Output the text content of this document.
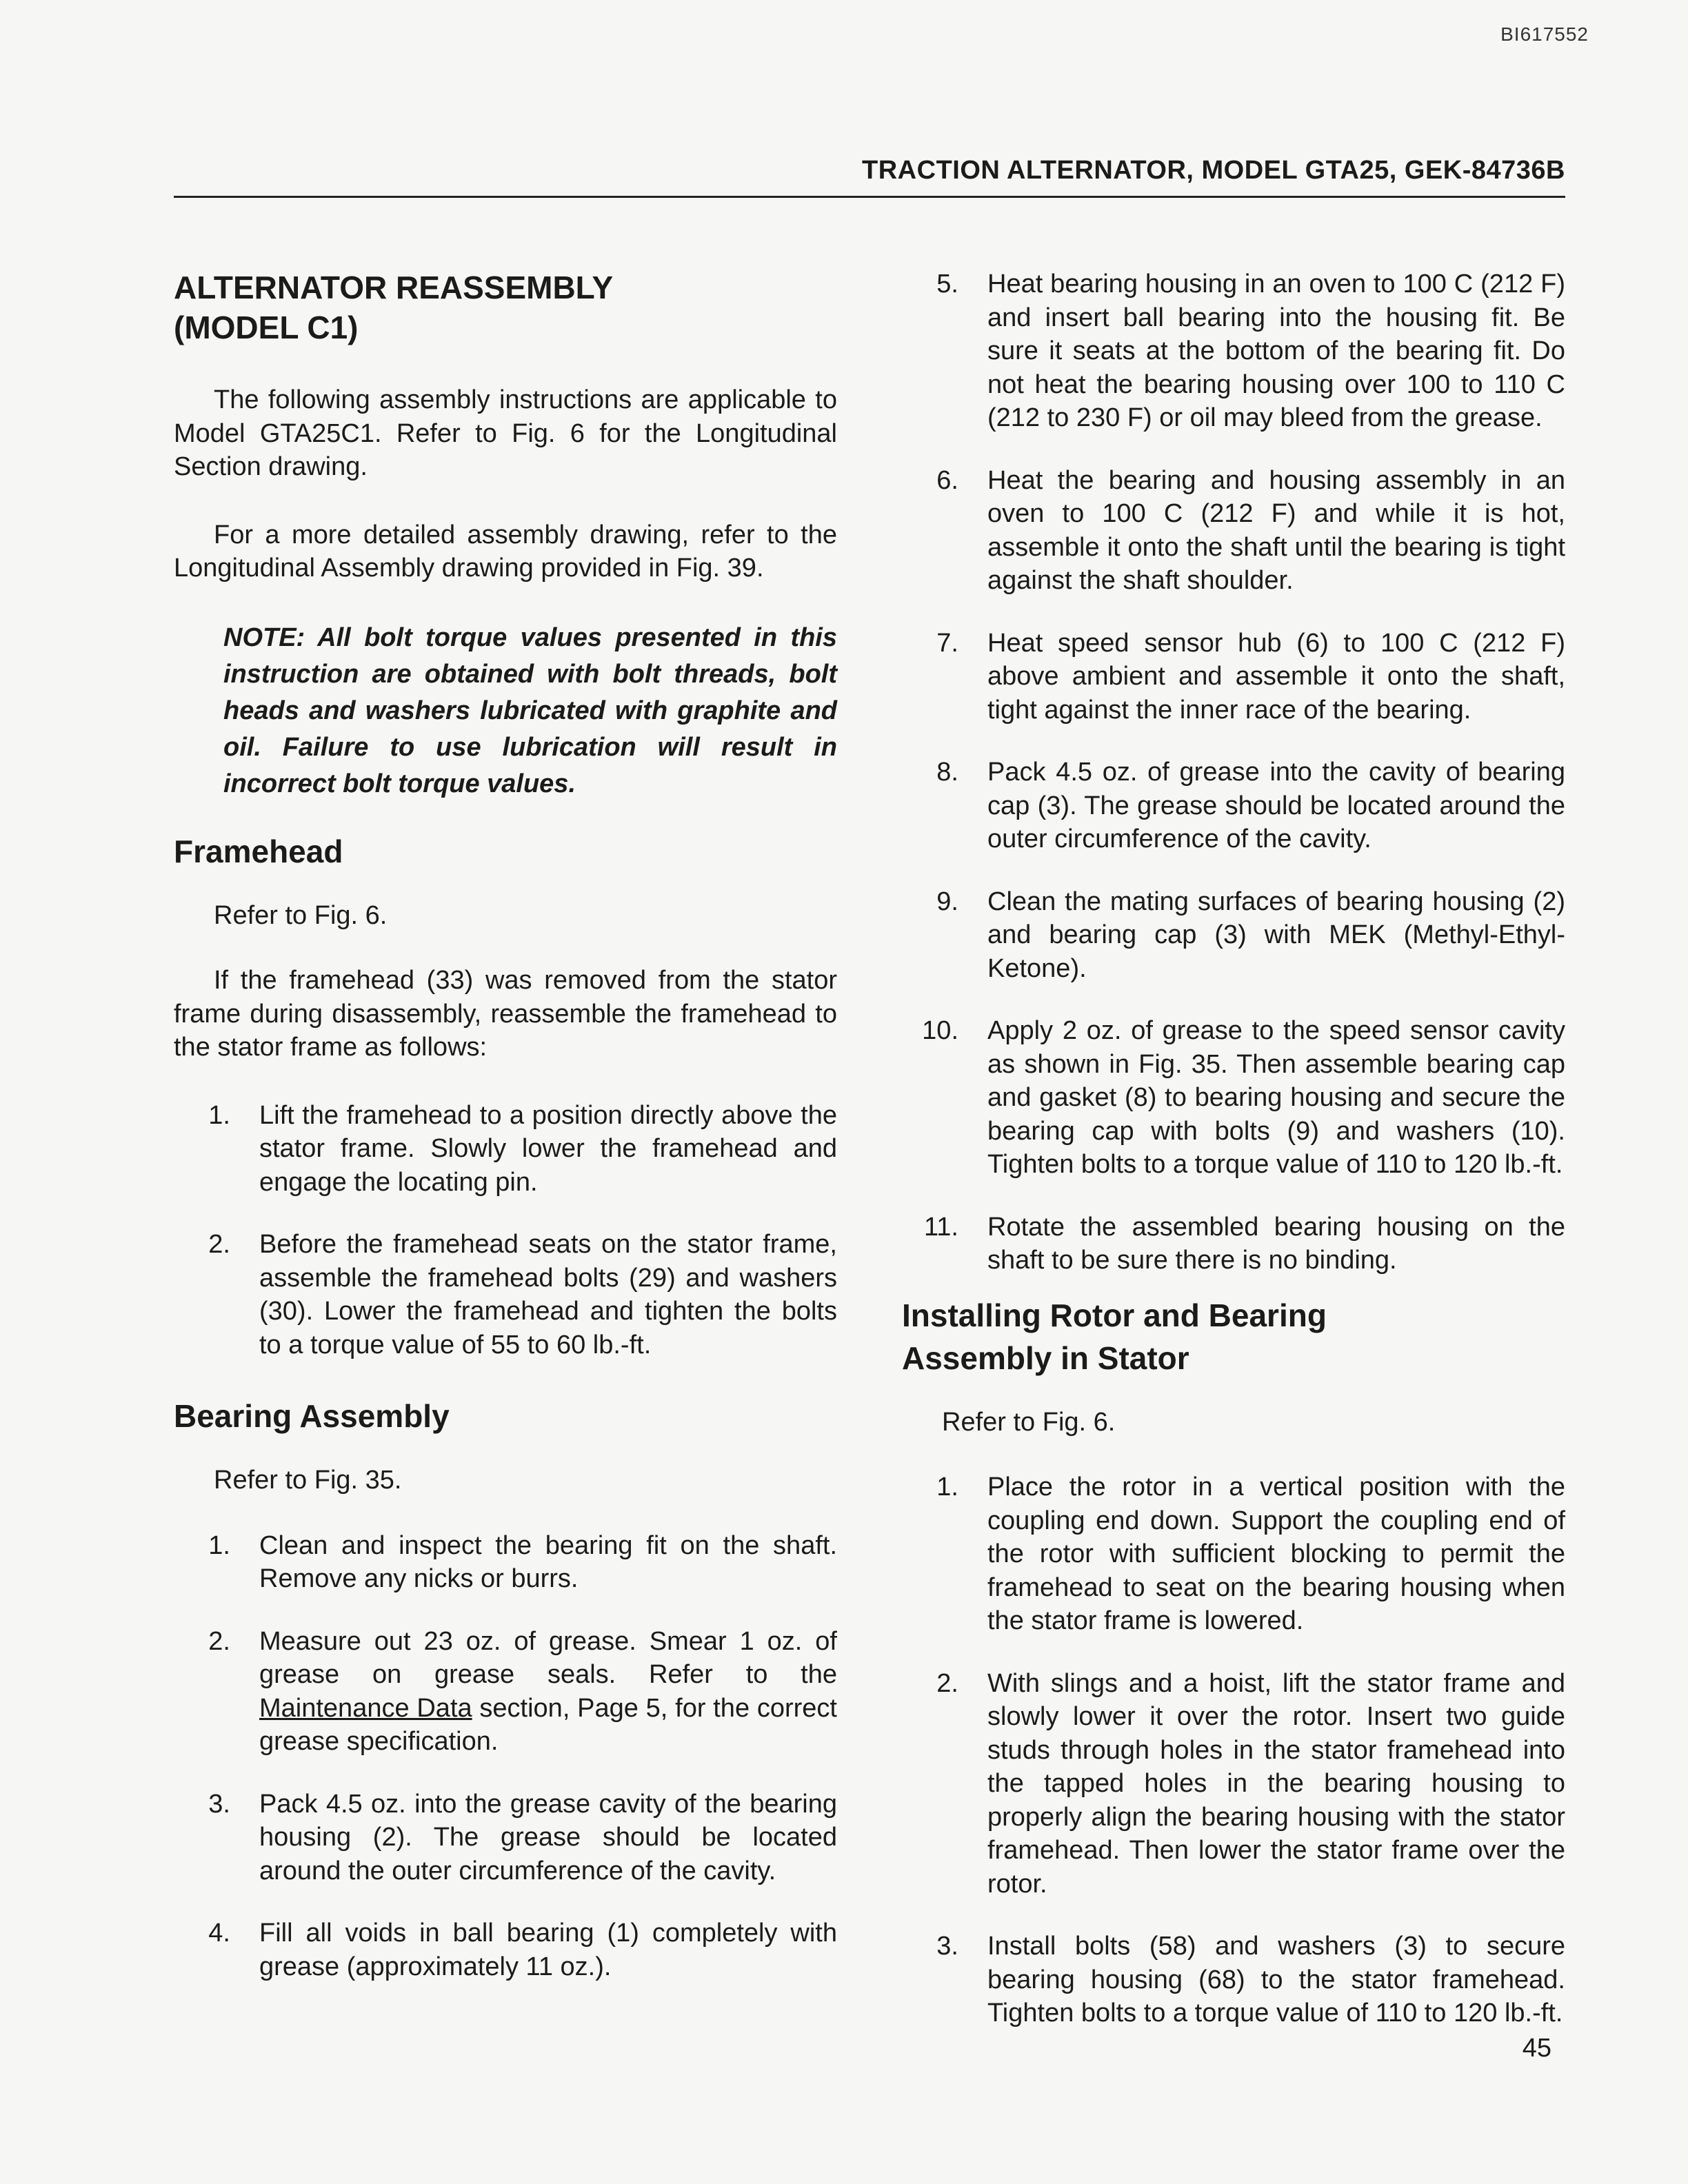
BI617552
TRACTION ALTERNATOR, MODEL GTA25, GEK-84736B
ALTERNATOR REASSEMBLY
(MODEL C1)

The following assembly instructions are applicable to Model GTA25C1. Refer to Fig. 6 for the Longitudinal Section drawing.

For a more detailed assembly drawing, refer to the Longitudinal Assembly drawing provided in Fig. 39.

NOTE: All bolt torque values presented in this instruction are obtained with bolt threads, bolt heads and washers lubricated with graphite and oil. Failure to use lubrication will result in incorrect bolt torque values.
Framehead

Refer to Fig. 6.

If the framehead (33) was removed from the stator frame during disassembly, reassemble the framehead to the stator frame as follows:

1. Lift the framehead to a position directly above the stator frame. Slowly lower the framehead and engage the locating pin.
2. Before the framehead seats on the stator frame, assemble the framehead bolts (29) and washers (30). Lower the framehead and tighten the bolts to a torque value of 55 to 60 lb.-ft.
Bearing Assembly

Refer to Fig. 35.

1. Clean and inspect the bearing fit on the shaft. Remove any nicks or burrs.
2. Measure out 23 oz. of grease. Smear 1 oz. of grease on grease seals. Refer to the Maintenance Data section, Page 5, for the correct grease specification.
3. Pack 4.5 oz. into the grease cavity of the bearing housing (2). The grease should be located around the outer circumference of the cavity.
4. Fill all voids in ball bearing (1) completely with grease (approximately 11 oz.).
5. Heat bearing housing in an oven to 100 C (212 F) and insert ball bearing into the housing fit. Be sure it seats at the bottom of the bearing fit. Do not heat the bearing housing over 100 to 110 C (212 to 230 F) or oil may bleed from the grease.
6. Heat the bearing and housing assembly in an oven to 100 C (212 F) and while it is hot, assemble it onto the shaft until the bearing is tight against the shaft shoulder.
7. Heat speed sensor hub (6) to 100 C (212 F) above ambient and assemble it onto the shaft, tight against the inner race of the bearing.
8. Pack 4.5 oz. of grease into the cavity of bearing cap (3). The grease should be located around the outer circumference of the cavity.
9. Clean the mating surfaces of bearing housing (2) and bearing cap (3) with MEK (Methyl-Ethyl-Ketone).
10. Apply 2 oz. of grease to the speed sensor cavity as shown in Fig. 35. Then assemble bearing cap and gasket (8) to bearing housing and secure the bearing cap with bolts (9) and washers (10). Tighten bolts to a torque value of 110 to 120 lb.-ft.
11. Rotate the assembled bearing housing on the shaft to be sure there is no binding.
Installing Rotor and Bearing
Assembly in Stator

Refer to Fig. 6.

1. Place the rotor in a vertical position with the coupling end down. Support the coupling end of the rotor with sufficient blocking to permit the framehead to seat on the bearing housing when the stator frame is lowered.
2. With slings and a hoist, lift the stator frame and slowly lower it over the rotor. Insert two guide studs through holes in the stator framehead into the tapped holes in the bearing housing to properly align the bearing housing with the stator framehead. Then lower the stator frame over the rotor.
3. Install bolts (58) and washers (3) to secure bearing housing (68) to the stator framehead. Tighten bolts to a torque value of 110 to 120 lb.-ft.
45
